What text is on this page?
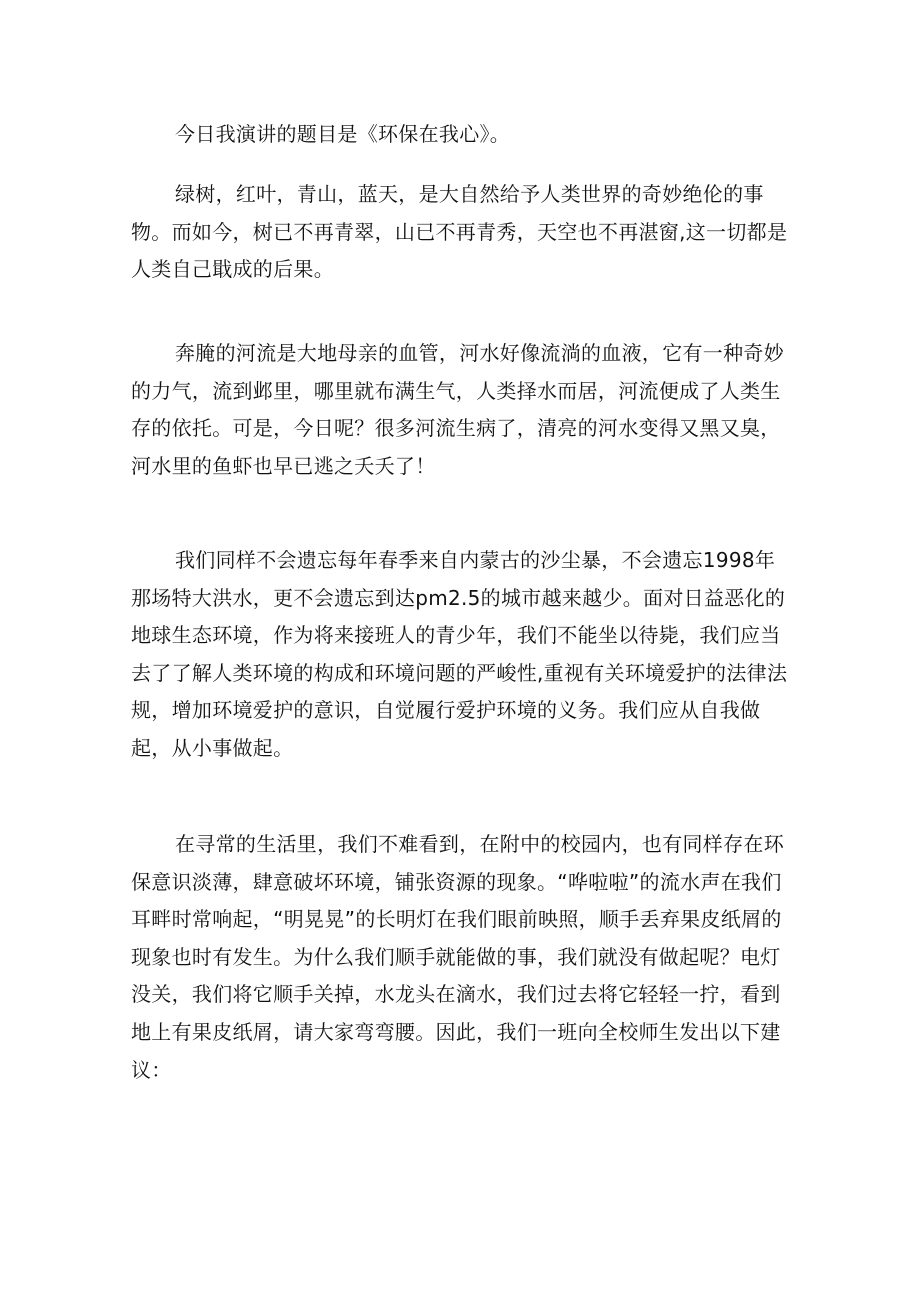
今日我演讲的题目是《环保在我心》。

绿树，红叶，青山，蓝天，是大自然给予人类世界的奇妙绝伦的事物。而如今，树已不再青翠，山已不再青秀，天空也不再湛窗,这一切都是人类自己戢成的后果。

奔腌的河流是大地母亲的血管，河水好像流淌的血液，它有一种奇妙的力气，流到邺里，哪里就布满生气，人类择水而居，河流便成了人类生存的依托。可是，今日呢？很多河流生病了，清亮的河水变得又黑又臭，河水里的鱼虾也早已逃之夭夭了！

我们同样不会遗忘每年春季来自内蒙古的沙尘暴，不会遗忘1998年那场特大洪水，更不会遗忘到达pm2.5的城市越来越少。面对日益恶化的地球生态环境，作为将来接班人的青少年，我们不能坐以待毙，我们应当去了了解人类环境的构成和环境问题的严峻性,重视有关环境爱护的法律法规，增加环境爱护的意识，自觉履行爱护环境的义务。我们应从自我做起，从小事做起。

在寻常的生活里，我们不难看到，在附中的校园内，也有同样存在环保意识淡薄，肆意破坏环境，铺张资源的现象。“哗啦啦”的流水声在我们耳畔时常响起，“明晃晃”的长明灯在我们眼前映照，顺手丢弃果皮纸屑的现象也时有发生。为什么我们顺手就能做的事，我们就没有做起呢？电灯没关，我们将它顺手关掉，水龙头在滴水，我们过去将它轻轻一拧，看到地上有果皮纸屑，请大家弯弯腰。因此，我们一班向全校师生发出以下建议：
